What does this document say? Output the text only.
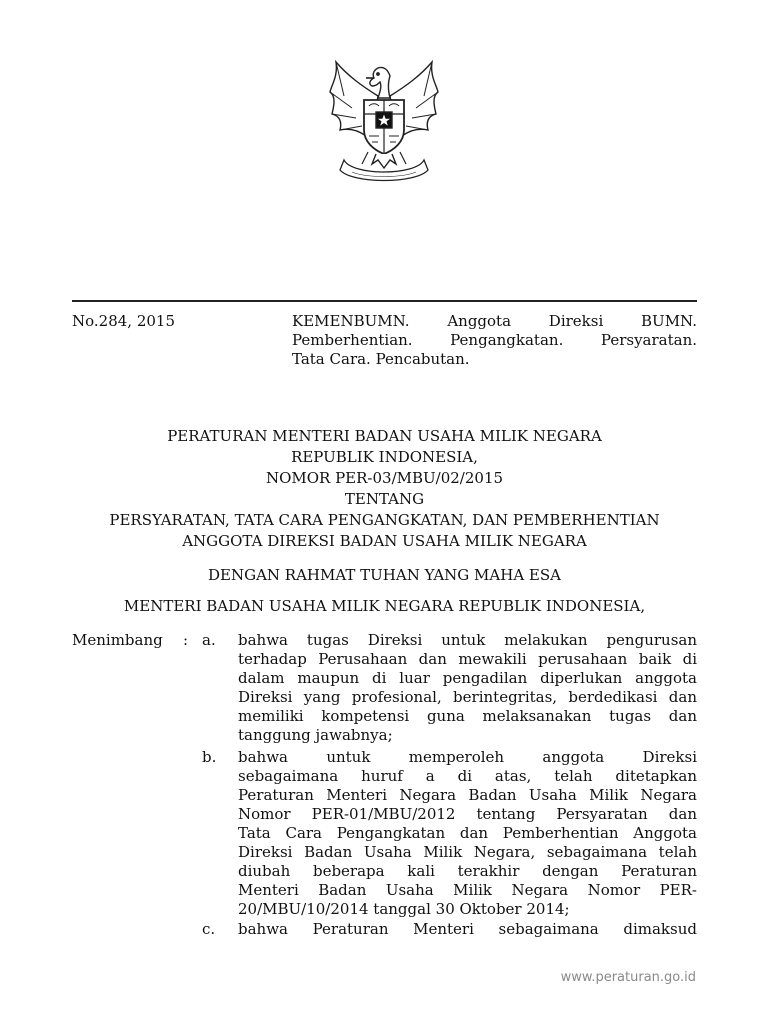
No.284, 2015	KEMENBUMN. Anggota Direksi BUMN.
Pemberhentian. Pengangkatan. Persyaratan.
Tata Cara. Pencabutan.
PERATURAN MENTERI BADAN USAHA MILIK NEGARA
REPUBLIK INDONESIA,
NOMOR PER-03/MBU/02/2015
TENTANG
PERSYARATAN, TATA CARA PENGANGKATAN, DAN PEMBERHENTIAN
ANGGOTA DIREKSI BADAN USAHA MILIK NEGARA
DENGAN RAHMAT TUHAN YANG MAHA ESA
MENTERI BADAN USAHA MILIK NEGARA REPUBLIK INDONESIA,
Menimbang : a. bahwa tugas Direksi untuk melakukan pengurusan
terhadap Perusahaan dan mewakili perusahaan baik di
dalam maupun di luar pengadilan diperlukan anggota
Direksi yang profesional, berintegritas, berdedikasi dan
memiliki kompetensi guna melaksanakan tugas dan
tanggung jawabnya;
b. bahwa untuk memperoleh anggota Direksi
sebagaimana huruf a di atas, telah ditetapkan
Peraturan Menteri Negara Badan Usaha Milik Negara
Nomor PER-01/MBU/2012 tentang Persyaratan dan
Tata Cara Pengangkatan dan Pemberhentian Anggota
Direksi Badan Usaha Milik Negara, sebagaimana telah
diubah beberapa kali terakhir dengan Peraturan
Menteri Badan Usaha Milik Negara Nomor PER-
20/MBU/10/2014 tanggal 30 Oktober 2014;
c. bahwa Peraturan Menteri sebagaimana dimaksud
www.peraturan.go.id
